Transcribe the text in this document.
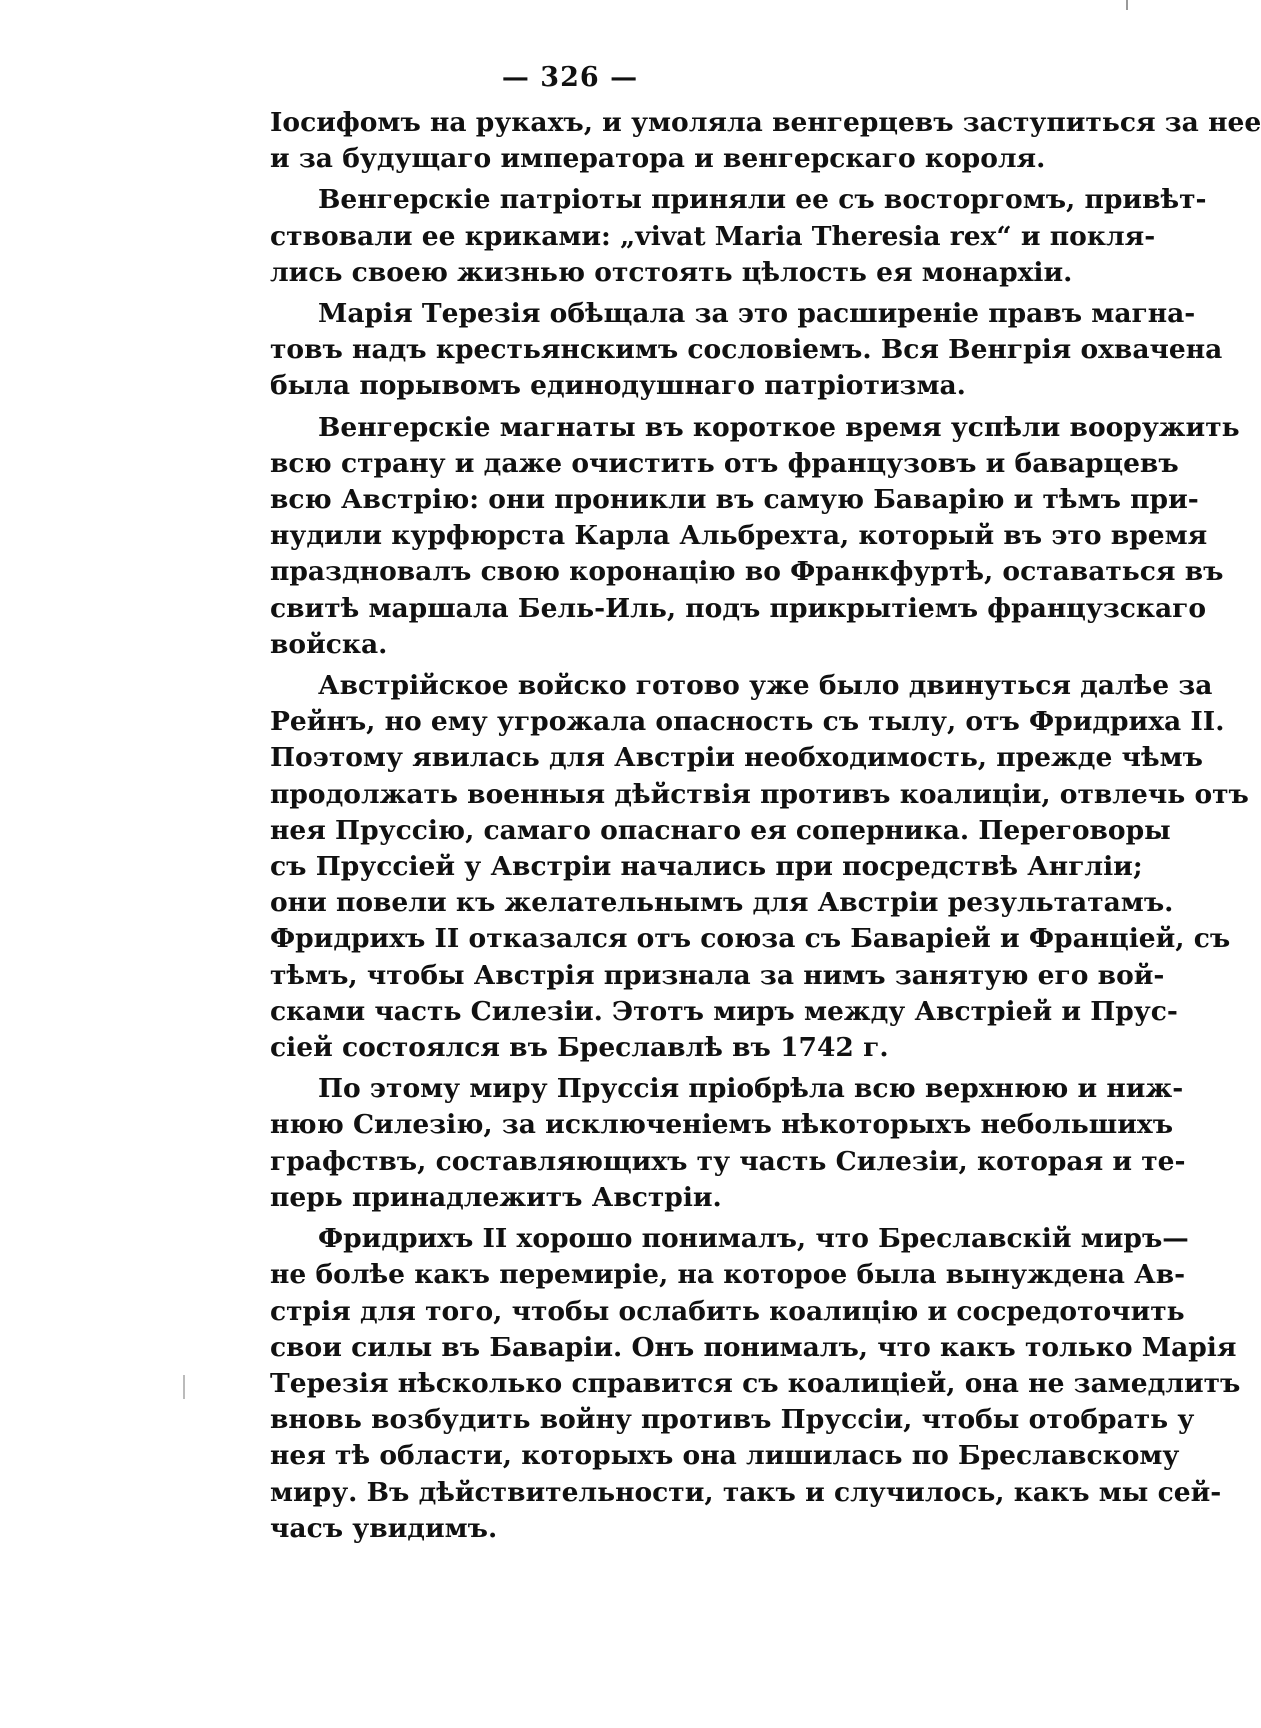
— 326 —
Іосифомъ на рукахъ, и умоляла венгерцевъ заступиться за нее
и за будущаго императора и венгерскаго короля.
Венгерскіе патріоты приняли ее съ восторгомъ, привѣт-
ствовали ее криками: „vivat Maria Theresia rex“ и покля-
лись своею жизнью отстоять цѣлость ея монархіи.
Марія Терезія обѣщала за это расширеніе правъ магна-
товъ надъ крестьянскимъ сословіемъ. Вся Венгрія охвачена
была порывомъ единодушнаго патріотизма.
Венгерскіе магнаты въ короткое время успѣли вооружить
всю страну и даже очистить отъ французовъ и баварцевъ
всю Австрію: они проникли въ самую Баварію и тѣмъ при-
нудили курфюрста Карла Альбрехта, который въ это время
праздновалъ свою коронацію во Франкфуртѣ, оставаться въ
свитѣ маршала Бель-Иль, подъ прикрытіемъ французскаго
войска.
Австрійское войско готово уже было двинуться далѣе за
Рейнъ, но ему угрожала опасность съ тылу, отъ Фридриха II.
Поэтому явилась для Австріи необходимость, прежде чѣмъ
продолжать военныя дѣйствія противъ коалиціи, отвлечь отъ
нея Пруссію, самаго опаснаго ея соперника. Переговоры
съ Пруссіей у Австріи начались при посредствѣ Англіи;
они повели къ желательнымъ для Австріи результатамъ.
Фридрихъ II отказался отъ союза съ Баваріей и Франціей, съ
тѣмъ, чтобы Австрія признала за нимъ занятую его вой-
сками часть Силезіи. Этотъ миръ между Австріей и Прус-
сіей состоялся въ Бреславлѣ въ 1742 г.
По этому миру Пруссія пріобрѣла всю верхнюю и ниж-
нюю Силезію, за исключеніемъ нѣкоторыхъ небольшихъ
графствъ, составляющихъ ту часть Силезіи, которая и те-
перь принадлежитъ Австріи.
Фридрихъ II хорошо понималъ, что Бреславскій миръ—
не болѣе какъ перемиріе, на которое была вынуждена Ав-
стрія для того, чтобы ослабить коалицію и сосредоточить
свои силы въ Баваріи. Онъ понималъ, что какъ только Марія
Терезія нѣсколько справится съ коалиціей, она не замедлитъ
вновь возбудить войну противъ Пруссіи, чтобы отобрать у
нея тѣ области, которыхъ она лишилась по Бреславскому
миру. Въ дѣйствительности, такъ и случилось, какъ мы сей-
часъ увидимъ.
